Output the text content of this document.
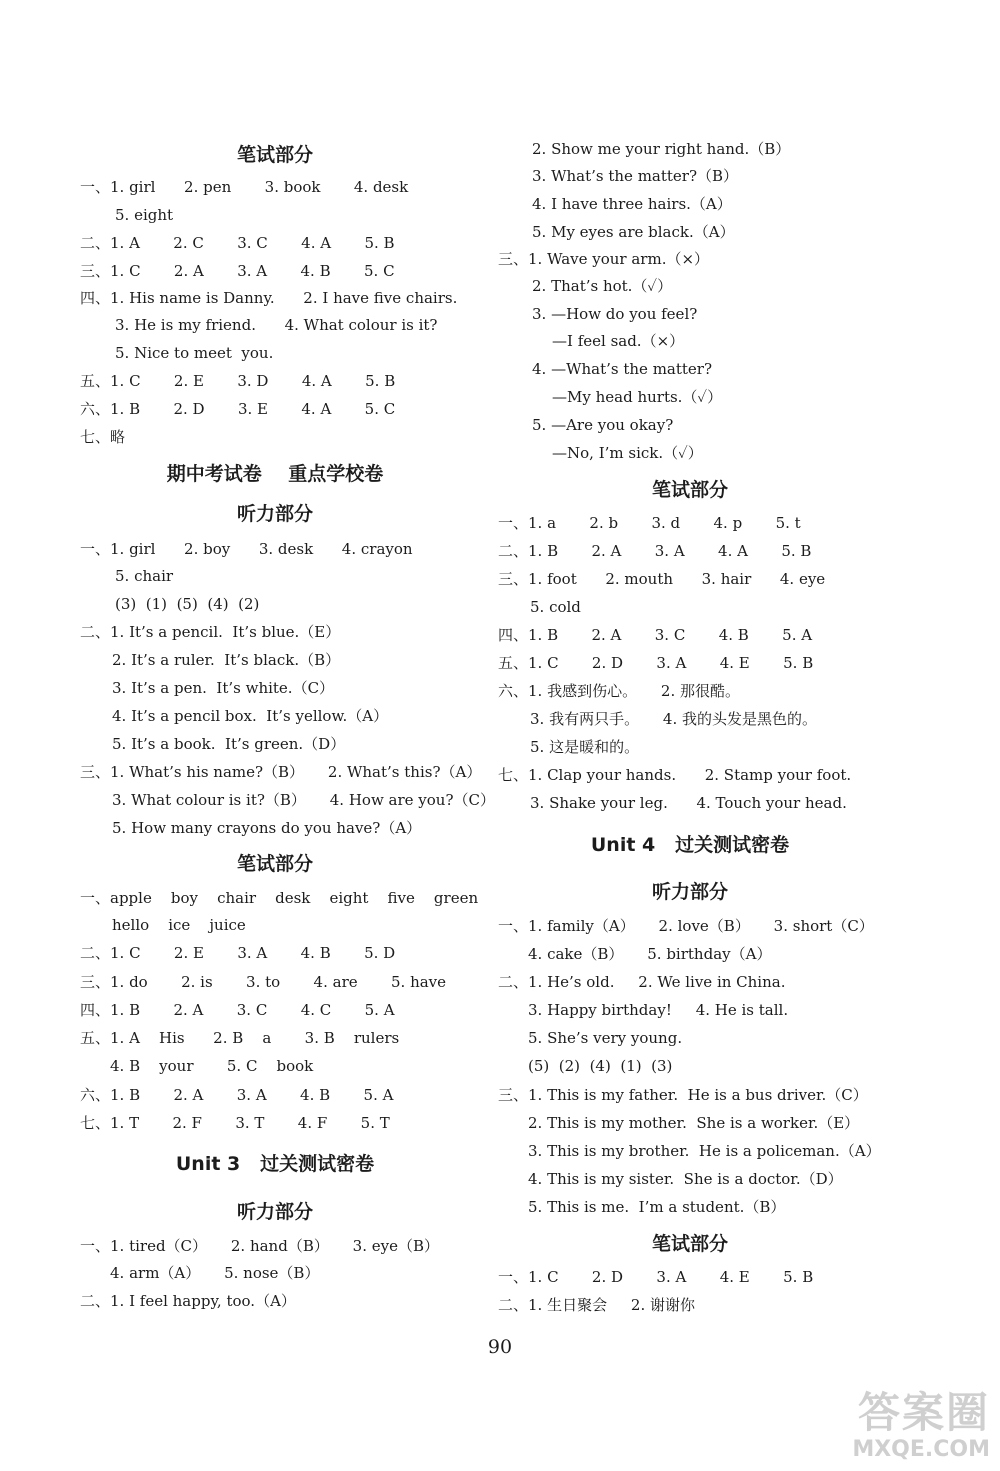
笔试部分
一、1. girl      2. pen       3. book       4. desk
5. eight
二、1. A       2. C       3. C       4. A       5. B
三、1. C       2. A       3. A       4. B       5. C
四、1. His name is Danny.      2. I have five chairs.
3. He is my friend.      4. What colour is it?
5. Nice to meet  you.
五、1. C       2. E       3. D       4. A       5. B
六、1. B       2. D       3. E       4. A       5. C
七、略
期中考试卷    重点学校卷
听力部分
一、1. girl      2. boy      3. desk      4. crayon
5. chair
(3)  (1)  (5)  (4)  (2)
二、1. It’s a pencil.  It’s blue.（E）
2. It’s a ruler.  It’s black.（B）
3. It’s a pen.  It’s white.（C）
4. It’s a pencil box.  It’s yellow.（A）
5. It’s a book.  It’s green.（D）
三、1. What’s his name?（B）     2. What’s this?（A）
3. What colour is it?（B）     4. How are you?（C）
5. How many crayons do you have?（A）
笔试部分
一、apple    boy    chair    desk    eight    five    green
hello    ice    juice
二、1. C       2. E       3. A       4. B       5. D
三、1. do       2. is       3. to       4. are       5. have
四、1. B       2. A       3. C       4. C       5. A
五、1. A    His      2. B    a       3. B    rulers
4. B    your       5. C    book
六、1. B       2. A       3. A       4. B       5. A
七、1. T       2. F       3. T       4. F       5. T
Unit 3 过关测试密卷
听力部分
一、1. tired（C）     2. hand（B）     3. eye（B）
4. arm（A）     5. nose（B）
二、1. I feel happy, too.（A）
2. Show me your right hand.（B）
3. What’s the matter?（B）
4. I have three hairs.（A）
5. My eyes are black.（A）
三、1. Wave your arm.（×）
2. That’s hot.（✓）
3. —How do you feel?
—I feel sad.（×）
4. —What’s the matter?
—My head hurts.（✓）
5. —Are you okay?
—No, I’m sick.（✓）
笔试部分
一、1. a       2. b       3. d       4. p       5. t
二、1. B       2. A       3. A       4. A       5. B
三、1. foot      2. mouth      3. hair      4. eye
5. cold
四、1. B       2. A       3. C       4. B       5. A
五、1. C       2. D       3. A       4. E       5. B
六、1. 我感到伤心。     2. 那很酷。
3. 我有两只手。     4. 我的头发是黑色的。
5. 这是暖和的。
七、1. Clap your hands.      2. Stamp your foot.
3. Shake your leg.      4. Touch your head.
Unit 4 过关测试密卷
听力部分
一、1. family（A）     2. love（B）     3. short（C）
4. cake（B）     5. birthday（A）
二、1. He’s old.     2. We live in China.
3. Happy birthday!     4. He is tall.
5. She’s very young.
(5)  (2)  (4)  (1)  (3)
三、1. This is my father.  He is a bus driver.（C）
2. This is my mother.  She is a worker.（E）
3. This is my brother.  He is a policeman.（A）
4. This is my sister.  She is a doctor.（D）
5. This is me.  I’m a student.（B）
笔试部分
一、1. C       2. D       3. A       4. E       5. B
二、1. 生日聚会     2. 谢谢你
90
答案圈
MXQE.COM
